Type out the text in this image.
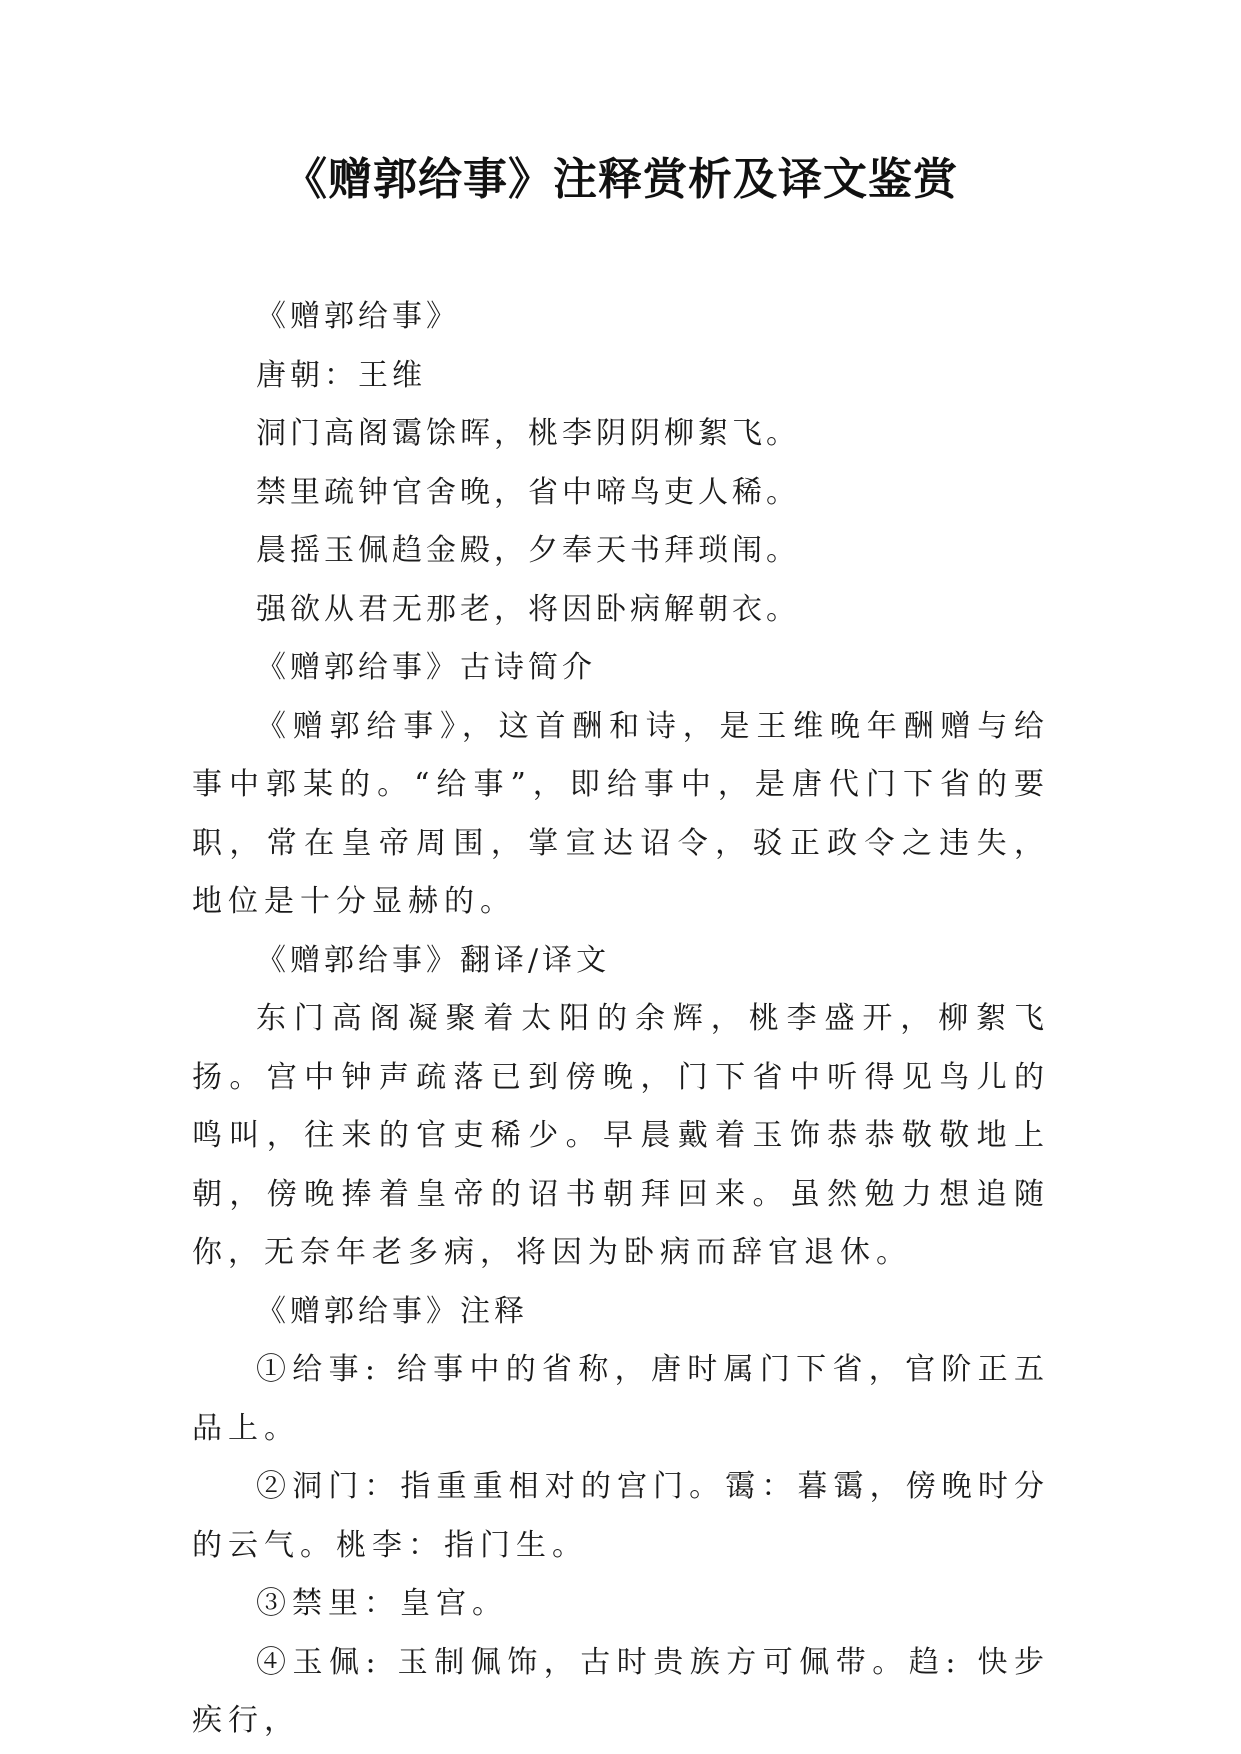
《赠郭给事》注释赏析及译文鉴赏
《赠郭给事》
唐朝：王维
洞门高阁霭馀晖，桃李阴阴柳絮飞。
禁里疏钟官舍晚，省中啼鸟吏人稀。
晨摇玉佩趋金殿，夕奉天书拜琐闱。
强欲从君无那老，将因卧病解朝衣。
《赠郭给事》古诗简介

《赠郭给事》，这首酬和诗，是王维晚年酬赠与给事中郭某的。“给事”，即给事中，是唐代门下省的要职，常在皇帝周围，掌宣达诏令，驳正政令之违失，地位是十分显赫的。

《赠郭给事》翻译/译文

东门高阁凝聚着太阳的余辉，桃李盛开，柳絮飞扬。宫中钟声疏落已到傍晚，门下省中听得见鸟儿的鸣叫，往来的官吏稀少。早晨戴着玉饰恭恭敬敬地上朝，傍晚捧着皇帝的诏书朝拜回来。虽然勉力想追随你，无奈年老多病，将因为卧病而辞官退休。

《赠郭给事》注释

①给事: 给事中的省称，唐时属门下省，官阶正五品上。

②洞门：指重重相对的宫门。霭：暮霭，傍晚时分的云气。桃李：指门生。

③禁里：皇宫。

④玉佩: 玉制佩饰，古时贵族方可佩带。趋: 快步疾行，
